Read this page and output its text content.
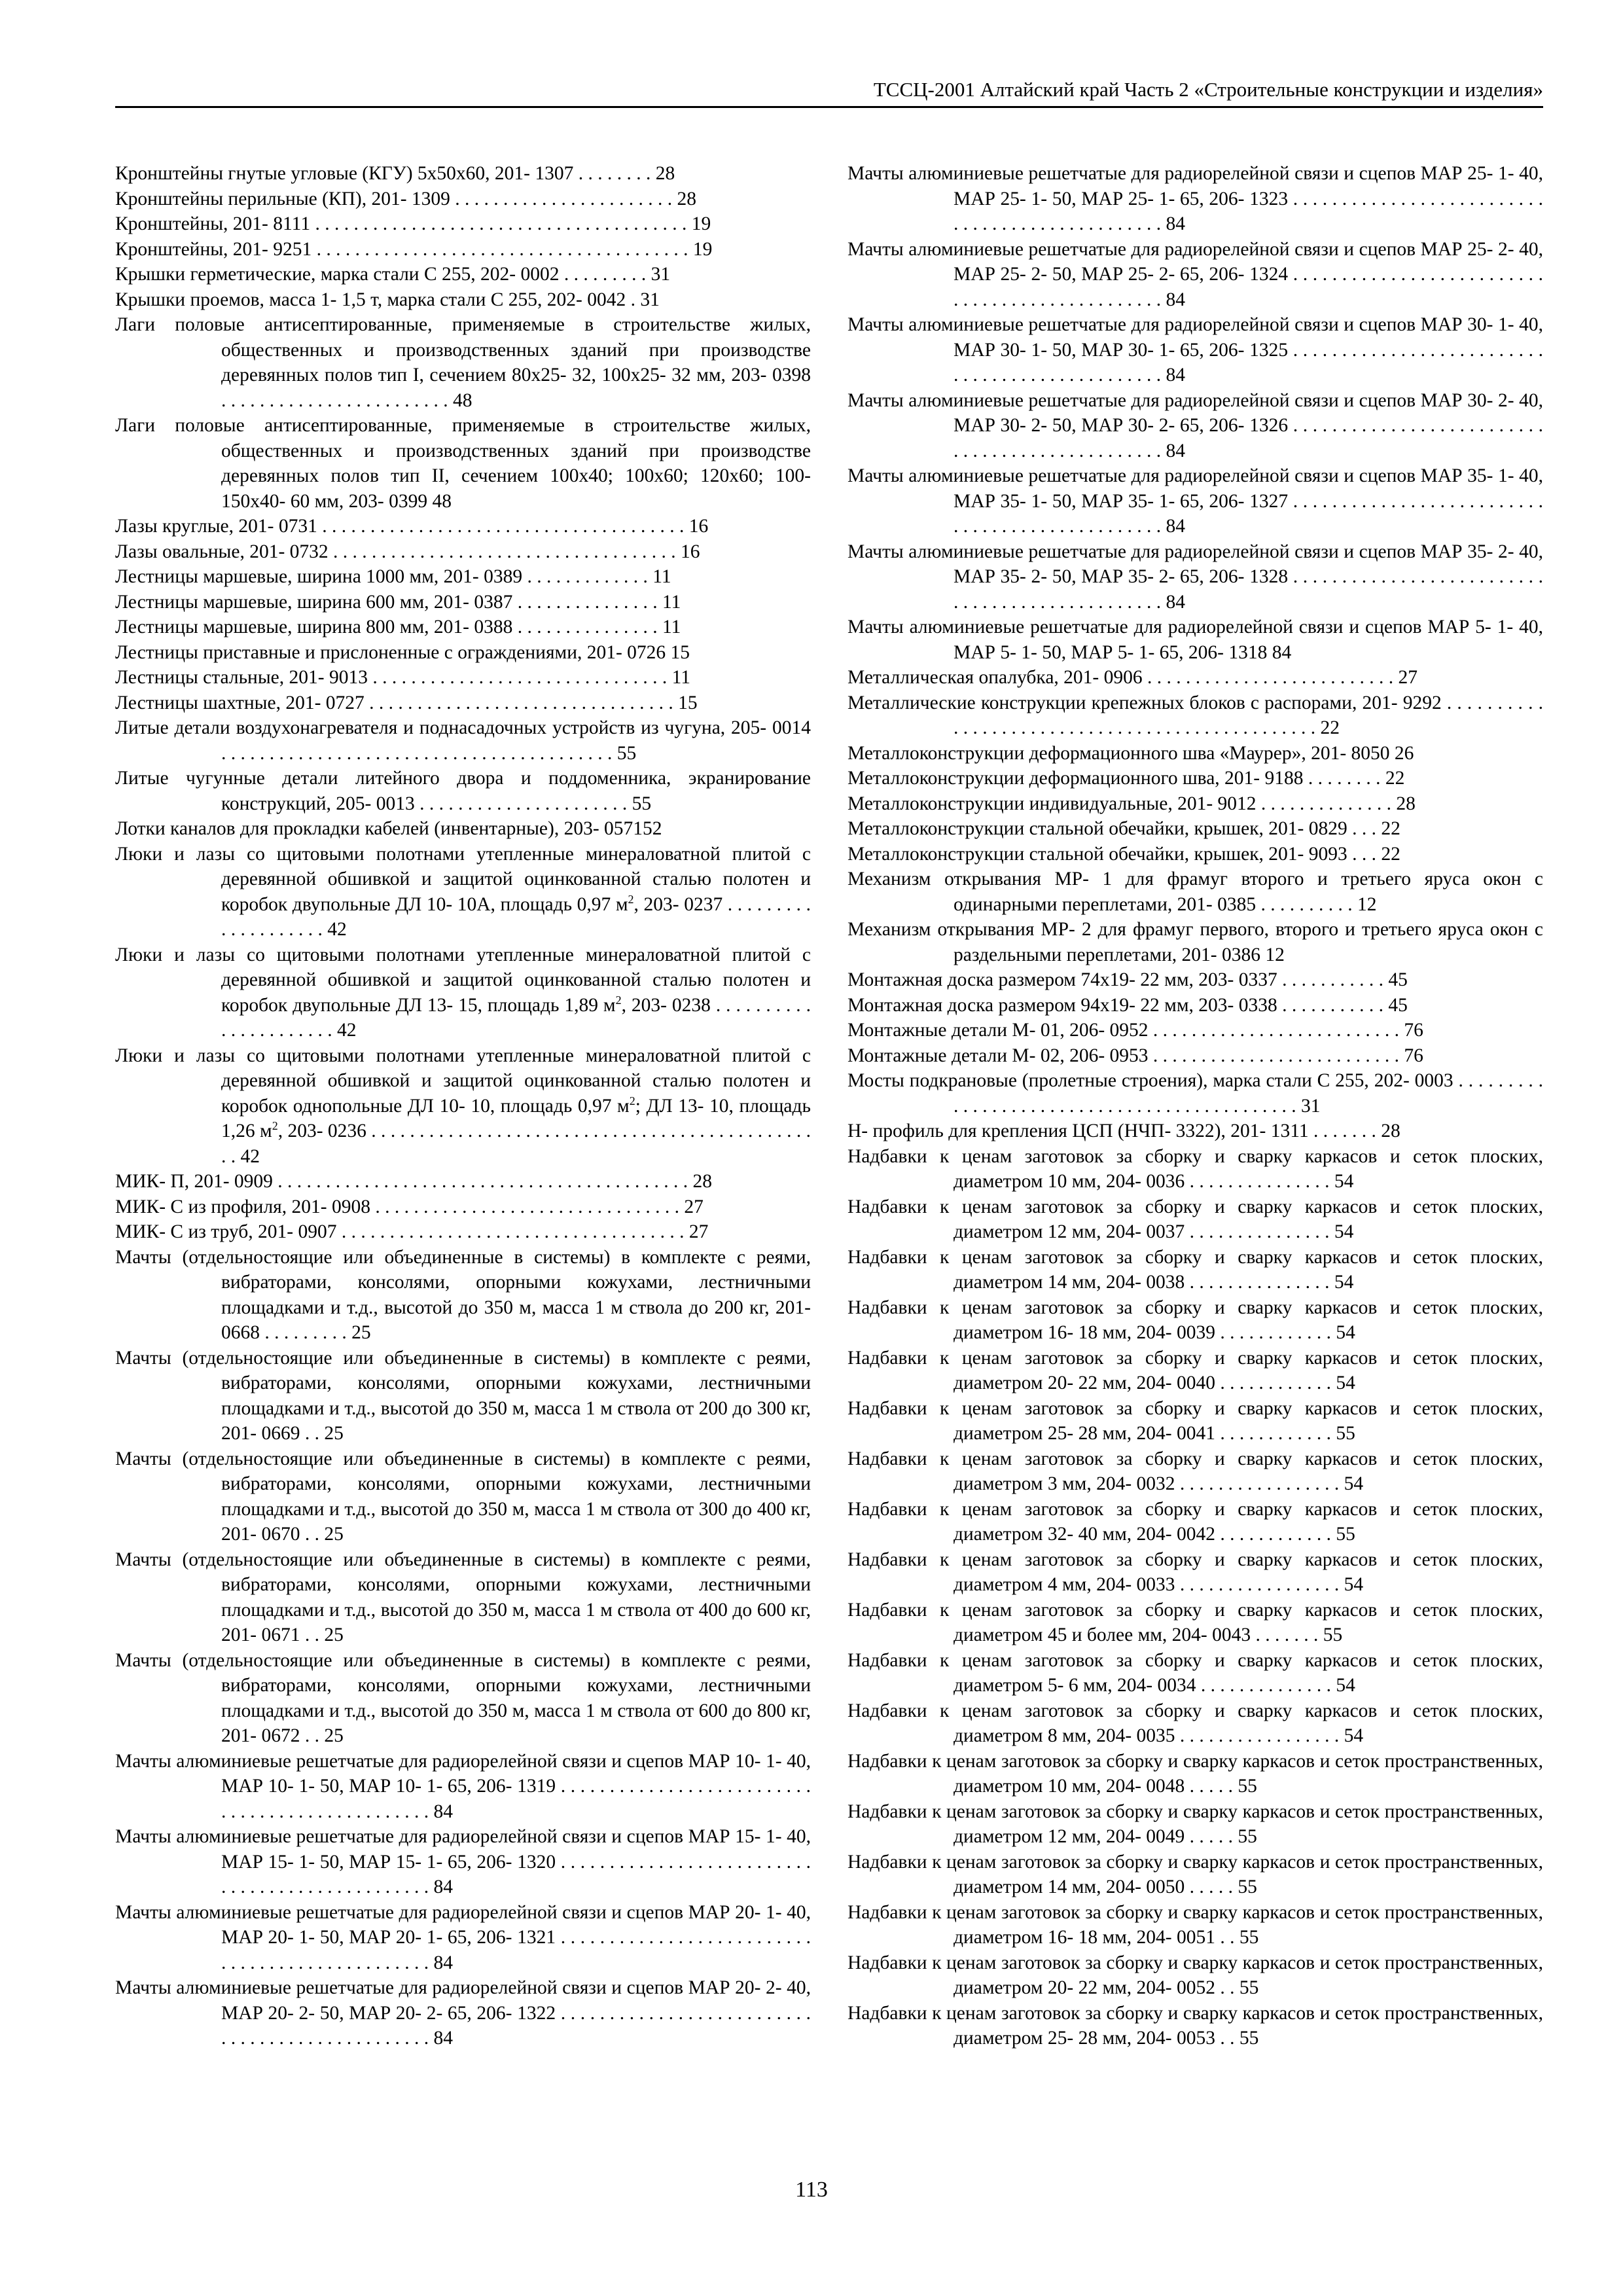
ТССЦ-2001 Алтайский край Часть 2 «Строительные конструкции и изделия»
Кронштейны гнутые угловые (КГУ) 5х50х60, 201- 1307 . . . . . . . . 28
Кронштейны перильные (КП), 201- 1309 . . . . . . . . . . . . . . . . . . . . . . . 28
Кронштейны, 201- 8111 . . . . . . . . . . . . . . . . . . . . . . . . . . . . . . . . . . . . . . . 19
Кронштейны, 201- 9251 . . . . . . . . . . . . . . . . . . . . . . . . . . . . . . . . . . . . . . . 19
Крышки герметические, марка стали С 255, 202- 0002 . . . . . . . . . 31
Крышки проемов, масса 1- 1,5 т, марка стали С 255, 202- 0042 . 31
Лаги половые антисептированные, применяемые в строительстве жилых, общественных и производственных зданий при производстве деревянных полов тип I, сечением 80х25- 32, 100х25- 32 мм, 203- 0398 . . . . . . . . . . . . . . . . . . . . . . . . 48
Лаги половые антисептированные, применяемые в строительстве жилых, общественных и производственных зданий при производстве деревянных полов тип II, сечением 100х40; 100х60; 120х60; 100- 150х40- 60 мм, 203- 0399 48
Лазы круглые, 201- 0731 . . . . . . . . . . . . . . . . . . . . . . . . . . . . . . . . . . . . . . 16
Лазы овальные, 201- 0732 . . . . . . . . . . . . . . . . . . . . . . . . . . . . . . . . . . . . 16
Лестницы маршевые, ширина 1000 мм, 201- 0389 . . . . . . . . . . . . . 11
Лестницы маршевые, ширина 600 мм, 201- 0387 . . . . . . . . . . . . . . . 11
Лестницы маршевые, ширина 800 мм, 201- 0388 . . . . . . . . . . . . . . . 11
Лестницы приставные и прислоненные с ограждениями, 201- 0726 15
Лестницы стальные, 201- 9013 . . . . . . . . . . . . . . . . . . . . . . . . . . . . . . . 11
Лестницы шахтные, 201- 0727 . . . . . . . . . . . . . . . . . . . . . . . . . . . . . . . . 15
Литые детали воздухонагревателя и поднасадочных устройств из чугуна, 205- 0014 . . . . . . . . . . . . . . . . . . . . . . . . . . . . . . . . . . . . . . . . . 55
Литые чугунные детали литейного двора и поддоменника, экранирование конструкций, 205- 0013 . . . . . . . . . . . . . . . . . . . . . . 55
Лотки каналов для прокладки кабелей (инвентарные), 203- 057152
Люки и лазы со щитовыми полотнами утепленные минераловатной плитой с деревянной обшивкой и защитой оцинкованной сталью полотен и коробок двупольные ДЛ 10- 10А, площадь 0,97 $м^2$, 203- 0237 . . . . . . . . . . . . . . . . . . . . 42
Люки и лазы со щитовыми полотнами утепленные минераловатной плитой с деревянной обшивкой и защитой оцинкованной сталью полотен и коробок двупольные ДЛ 13- 15, площадь 1,89 $м^2$, 203- 0238 . . . . . . . . . . . . . . . . . . . . . . 42
Люки и лазы со щитовыми полотнами утепленные минераловатной плитой с деревянной обшивкой и защитой оцинкованной сталью полотен и коробок однопольные ДЛ 10- 10, площадь 0,97 $м^2$; ДЛ 13- 10, площадь 1,26 $м^2$, 203- 0236 . . . . . . . . . . . . . . . . . . . . . . . . . . . . . . . . . . . . . . . . . . . . . . . . 42
МИК- П, 201- 0909 . . . . . . . . . . . . . . . . . . . . . . . . . . . . . . . . . . . . . . . . . . . 28
МИК- С из профиля, 201- 0908 . . . . . . . . . . . . . . . . . . . . . . . . . . . . . . . . 27
МИК- С из труб, 201- 0907 . . . . . . . . . . . . . . . . . . . . . . . . . . . . . . . . . . . . 27
Мачты (отдельностоящие или объединенные в системы) в комплекте с реями, вибраторами, консолями, опорными кожухами, лестничными площадками и т.д., высотой до 350 м, масса 1 м ствола до 200 кг, 201- 0668 . . . . . . . . . 25
Мачты (отдельностоящие или объединенные в системы) в комплекте с реями, вибраторами, консолями, опорными кожухами, лестничными площадками и т.д., высотой до 350 м, масса 1 м ствола от 200 до 300 кг, 201- 0669 . . 25
Мачты (отдельностоящие или объединенные в системы) в комплекте с реями, вибраторами, консолями, опорными кожухами, лестничными площадками и т.д., высотой до 350 м, масса 1 м ствола от 300 до 400 кг, 201- 0670 . . 25
Мачты (отдельностоящие или объединенные в системы) в комплекте с реями, вибраторами, консолями, опорными кожухами, лестничными площадками и т.д., высотой до 350 м, масса 1 м ствола от 400 до 600 кг, 201- 0671 . . 25
Мачты (отдельностоящие или объединенные в системы) в комплекте с реями, вибраторами, консолями, опорными кожухами, лестничными площадками и т.д., высотой до 350 м, масса 1 м ствола от 600 до 800 кг, 201- 0672 . . 25
Мачты алюминиевые решетчатые для радиорелейной связи и сцепов МАР 10- 1- 40, МАР 10- 1- 50, МАР 10- 1- 65, 206- 1319 . . . . . . . . . . . . . . . . . . . . . . . . . . . . . . . . . . . . . . . . . . . . . . . . 84
Мачты алюминиевые решетчатые для радиорелейной связи и сцепов МАР 15- 1- 40, МАР 15- 1- 50, МАР 15- 1- 65, 206- 1320 . . . . . . . . . . . . . . . . . . . . . . . . . . . . . . . . . . . . . . . . . . . . . . . . 84
Мачты алюминиевые решетчатые для радиорелейной связи и сцепов МАР 20- 1- 40, МАР 20- 1- 50, МАР 20- 1- 65, 206- 1321 . . . . . . . . . . . . . . . . . . . . . . . . . . . . . . . . . . . . . . . . . . . . . . . . 84
Мачты алюминиевые решетчатые для радиорелейной связи и сцепов МАР 20- 2- 40, МАР 20- 2- 50, МАР 20- 2- 65, 206- 1322 . . . . . . . . . . . . . . . . . . . . . . . . . . . . . . . . . . . . . . . . . . . . . . . . 84
Мачты алюминиевые решетчатые для радиорелейной связи и сцепов МАР 25- 1- 40, МАР 25- 1- 50, МАР 25- 1- 65, 206- 1323 . . . . . . . . . . . . . . . . . . . . . . . . . . . . . . . . . . . . . . . . . . . . . . . . 84
Мачты алюминиевые решетчатые для радиорелейной связи и сцепов МАР 25- 2- 40, МАР 25- 2- 50, МАР 25- 2- 65, 206- 1324 . . . . . . . . . . . . . . . . . . . . . . . . . . . . . . . . . . . . . . . . . . . . . . . . 84
Мачты алюминиевые решетчатые для радиорелейной связи и сцепов МАР 30- 1- 40, МАР 30- 1- 50, МАР 30- 1- 65, 206- 1325 . . . . . . . . . . . . . . . . . . . . . . . . . . . . . . . . . . . . . . . . . . . . . . . . 84
Мачты алюминиевые решетчатые для радиорелейной связи и сцепов МАР 30- 2- 40, МАР 30- 2- 50, МАР 30- 2- 65, 206- 1326 . . . . . . . . . . . . . . . . . . . . . . . . . . . . . . . . . . . . . . . . . . . . . . . . 84
Мачты алюминиевые решетчатые для радиорелейной связи и сцепов МАР 35- 1- 40, МАР 35- 1- 50, МАР 35- 1- 65, 206- 1327 . . . . . . . . . . . . . . . . . . . . . . . . . . . . . . . . . . . . . . . . . . . . . . . . 84
Мачты алюминиевые решетчатые для радиорелейной связи и сцепов МАР 35- 2- 40, МАР 35- 2- 50, МАР 35- 2- 65, 206- 1328 . . . . . . . . . . . . . . . . . . . . . . . . . . . . . . . . . . . . . . . . . . . . . . . . 84
Мачты алюминиевые решетчатые для радиорелейной связи и сцепов МАР 5- 1- 40, МАР 5- 1- 50, МАР 5- 1- 65, 206- 1318 84
Металлическая опалубка, 201- 0906 . . . . . . . . . . . . . . . . . . . . . . . . . . 27
Металлические конструкции крепежных блоков с распорами, 201- 9292 . . . . . . . . . . . . . . . . . . . . . . . . . . . . . . . . . . . . . . . . . . . . . . . . 22
Металлоконструкции деформационного шва «Маурер», 201- 8050 26
Металлоконструкции деформационного шва, 201- 9188 . . . . . . . . 22
Металлоконструкции индивидуальные, 201- 9012 . . . . . . . . . . . . . . 28
Металлоконструкции стальной обечайки, крышек, 201- 0829 . . . 22
Металлоконструкции стальной обечайки, крышек, 201- 9093 . . . 22
Механизм открывания МР- 1 для фрамуг второго и третьего яруса окон с одинарными переплетами, 201- 0385 . . . . . . . . . . 12
Механизм открывания МР- 2 для фрамуг первого, второго и третьего яруса окон с раздельными переплетами, 201- 0386 12
Монтажная доска размером 74х19- 22 мм, 203- 0337 . . . . . . . . . . . 45
Монтажная доска размером 94х19- 22 мм, 203- 0338 . . . . . . . . . . . 45
Монтажные детали М- 01, 206- 0952 . . . . . . . . . . . . . . . . . . . . . . . . . . 76
Монтажные детали М- 02, 206- 0953 . . . . . . . . . . . . . . . . . . . . . . . . . . 76
Мосты подкрановые (пролетные строения), марка стали С 255, 202- 0003 . . . . . . . . . . . . . . . . . . . . . . . . . . . . . . . . . . . . . . . . . . . . . 31
Н- профиль для крепления ЦСП (НЧП- 3322), 201- 1311 . . . . . . . 28
Надбавки к ценам заготовок за сборку и сварку каркасов и сеток плоских, диаметром 10 мм, 204- 0036 . . . . . . . . . . . . . . . 54
Надбавки к ценам заготовок за сборку и сварку каркасов и сеток плоских, диаметром 12 мм, 204- 0037 . . . . . . . . . . . . . . . 54
Надбавки к ценам заготовок за сборку и сварку каркасов и сеток плоских, диаметром 14 мм, 204- 0038 . . . . . . . . . . . . . . . 54
Надбавки к ценам заготовок за сборку и сварку каркасов и сеток плоских, диаметром 16- 18 мм, 204- 0039 . . . . . . . . . . . . 54
Надбавки к ценам заготовок за сборку и сварку каркасов и сеток плоских, диаметром 20- 22 мм, 204- 0040 . . . . . . . . . . . . 54
Надбавки к ценам заготовок за сборку и сварку каркасов и сеток плоских, диаметром 25- 28 мм, 204- 0041 . . . . . . . . . . . . 55
Надбавки к ценам заготовок за сборку и сварку каркасов и сеток плоских, диаметром 3 мм, 204- 0032 . . . . . . . . . . . . . . . . . 54
Надбавки к ценам заготовок за сборку и сварку каркасов и сеток плоских, диаметром 32- 40 мм, 204- 0042 . . . . . . . . . . . . 55
Надбавки к ценам заготовок за сборку и сварку каркасов и сеток плоских, диаметром 4 мм, 204- 0033 . . . . . . . . . . . . . . . . . 54
Надбавки к ценам заготовок за сборку и сварку каркасов и сеток плоских, диаметром 45 и более мм, 204- 0043 . . . . . . . 55
Надбавки к ценам заготовок за сборку и сварку каркасов и сеток плоских, диаметром 5- 6 мм, 204- 0034 . . . . . . . . . . . . . . 54
Надбавки к ценам заготовок за сборку и сварку каркасов и сеток плоских, диаметром 8 мм, 204- 0035 . . . . . . . . . . . . . . . . . 54
Надбавки к ценам заготовок за сборку и сварку каркасов и сеток пространственных, диаметром 10 мм, 204- 0048 . . . . . 55
Надбавки к ценам заготовок за сборку и сварку каркасов и сеток пространственных, диаметром 12 мм, 204- 0049 . . . . . 55
Надбавки к ценам заготовок за сборку и сварку каркасов и сеток пространственных, диаметром 14 мм, 204- 0050 . . . . . 55
Надбавки к ценам заготовок за сборку и сварку каркасов и сеток пространственных, диаметром 16- 18 мм, 204- 0051 . . 55
Надбавки к ценам заготовок за сборку и сварку каркасов и сеток пространственных, диаметром 20- 22 мм, 204- 0052 . . 55
Надбавки к ценам заготовок за сборку и сварку каркасов и сеток пространственных, диаметром 25- 28 мм, 204- 0053 . . 55
113
